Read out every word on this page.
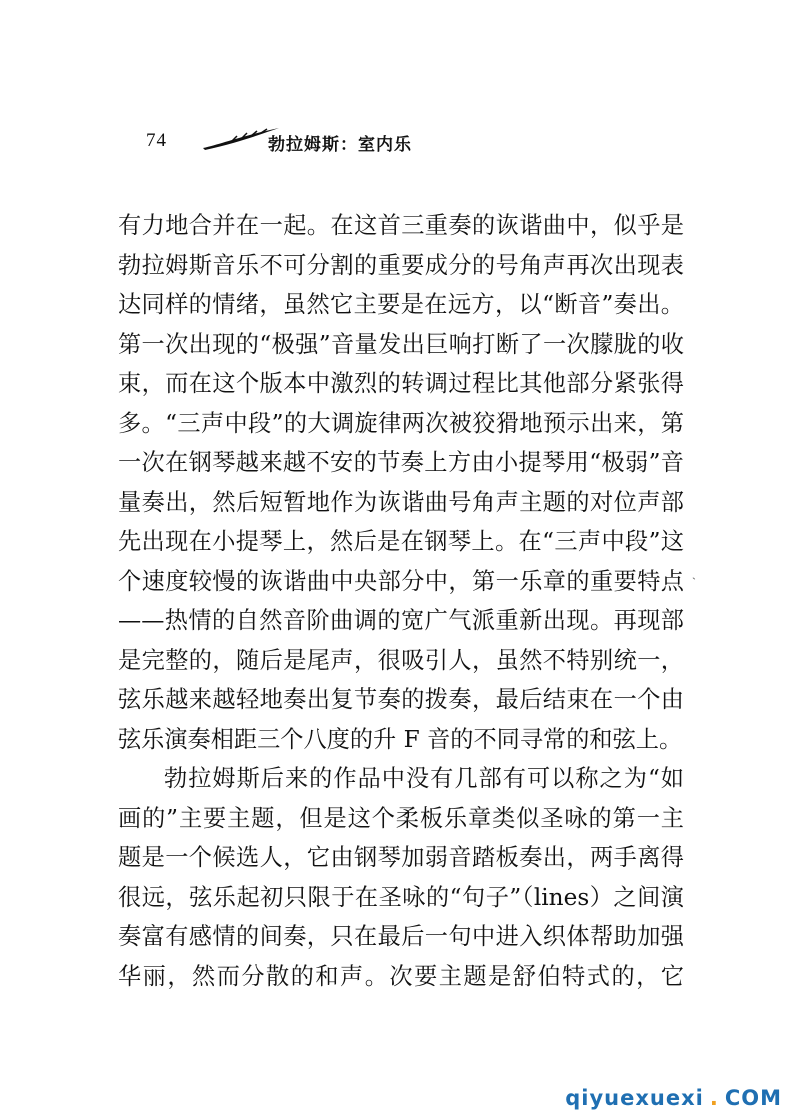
74	勃拉姆斯：室内乐

有力地合并在一起。在这首三重奏的诙谐曲中，似乎是勃拉姆斯音乐不可分割的重要成分的号角声再次出现表达同样的情绪，虽然它主要是在远方，以“断音”奏出。第一次出现的“极强”音量发出巨响打断了一次朦胧的收束，而在这个版本中激烈的转调过程比其他部分紧张得多。“三声中段”的大调旋律两次被狡猾地预示出来，第一次在钢琴越来越不安的节奏上方由小提琴用“极弱”音量奏出，然后短暂地作为诙谐曲号角声主题的对位声部先出现在小提琴上，然后是在钢琴上。在“三声中段”这个速度较慢的诙谐曲中央部分中，第一乐章的重要特点——热情的自然音阶曲调的宽广气派重新出现。再现部是完整的，随后是尾声，很吸引人，虽然不特别统一，弦乐越来越轻地奏出复节奏的拨奏，最后结束在一个由弦乐演奏相距三个八度的升 F 音的不同寻常的和弦上。

勃拉姆斯后来的作品中没有几部有可以称之为“如画的”主要主题，但是这个柔板乐章类似圣咏的第一主题是一个候选人，它由钢琴加弱音踏板奏出，两手离得很远，弦乐起初只限于在圣咏的“句子”（lines）之间演奏富有感情的间奏，只在最后一句中进入织体帮助加强华丽，然而分散的和声。次要主题是舒伯特式的，它

ˎ
qiyuexuexi . COM
